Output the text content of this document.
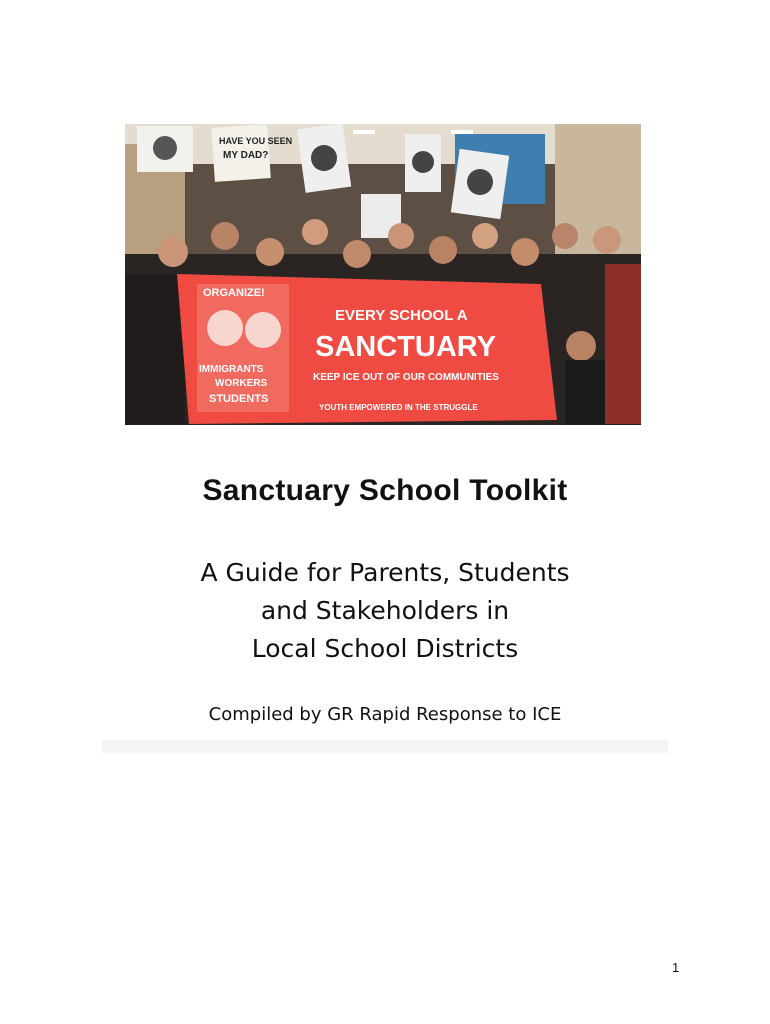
HAVE YOU SEEN
MY DAD?
ORGANIZE!
IMMIGRANTS
WORKERS
STUDENTS
EVERY SCHOOL A
SANCTUARY
KEEP ICE OUT OF OUR COMMUNITIES
YOUTH EMPOWERED IN THE STRUGGLE
Sanctuary School Toolkit
A Guide for Parents, Students
and Stakeholders in
Local School Districts
Compiled by GR Rapid Response to ICE
1
